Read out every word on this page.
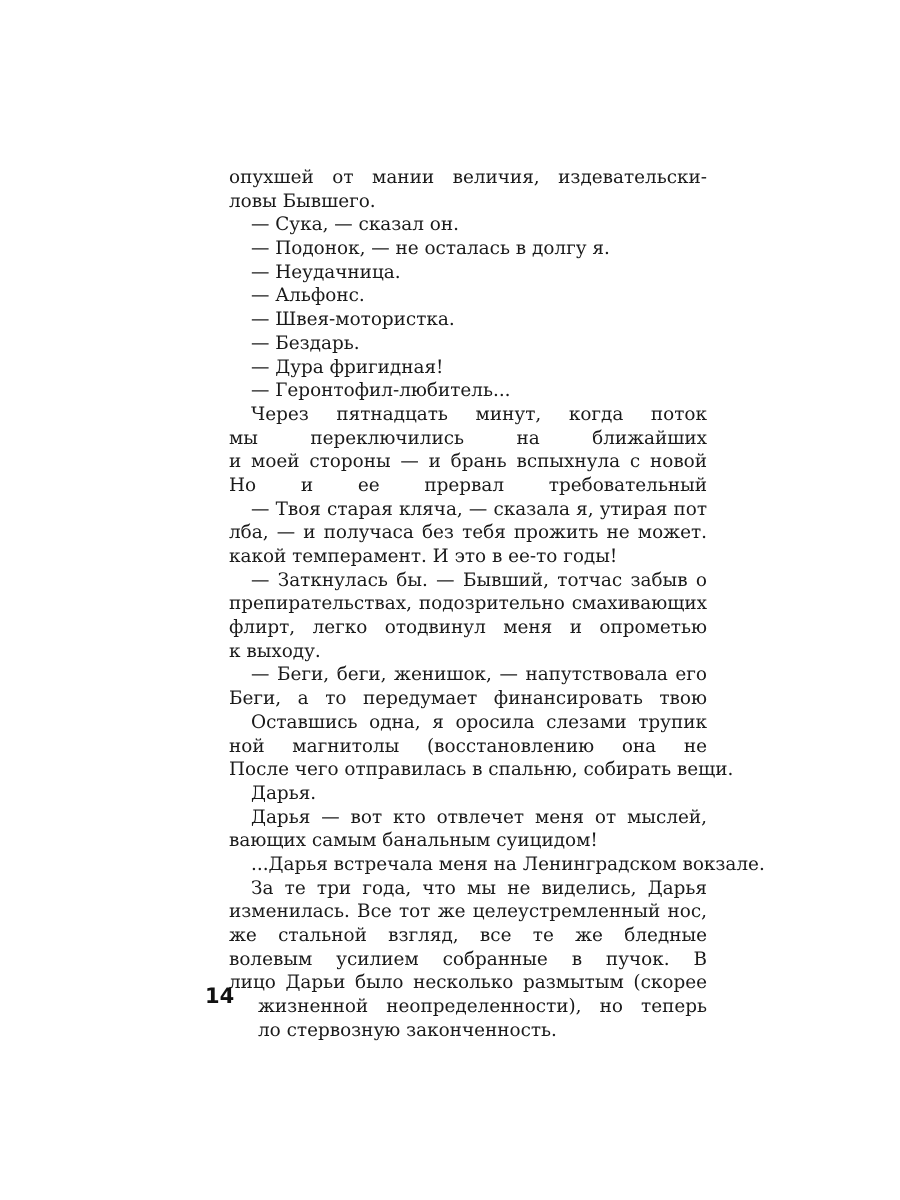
опухшей от мании величия, издевательски-
ловы Бывшего.
— Сука, — сказал он.
— Подонок, — не осталась в долгу я.
— Неудачница.
— Альфонс.
— Швея-мотористка.
— Бездарь.
— Дура фригидная!
— Геронтофил-любитель...
Через пятнадцать минут, когда поток
мы переключились на ближайших
и моей стороны — и брань вспыхнула с новой
Но и ее прервал требовательный
— Твоя старая кляча, — сказала я, утирая пот
лба, — и получаса без тебя прожить не может.
какой темперамент. И это в ее-то годы!
— Заткнулась бы. — Бывший, тотчас забыв о
препирательствах, подозрительно смахивающих
флирт, легко отодвинул меня и опрометью
к выходу.
— Беги, беги, женишок, — напутствовала его
Беги, а то передумает финансировать твою
Оставшись одна, я оросила слезами трупик
ной магнитолы (восстановлению она не
После чего отправилась в спальню, собирать вещи.
Дарья.
Дарья — вот кто отвлечет меня от мыслей,
вающих самым банальным суицидом!
...Дарья встречала меня на Ленинградском вокзале.
За те три года, что мы не виделись, Дарья
изменилась. Все тот же целеустремленный нос,
же стальной взгляд, все те же бледные
волевым усилием собранные в пучок. В
лицо Дарьи было несколько размытым (скорее
жизненной неопределенности), но теперь
ло стервозную законченность.
14
